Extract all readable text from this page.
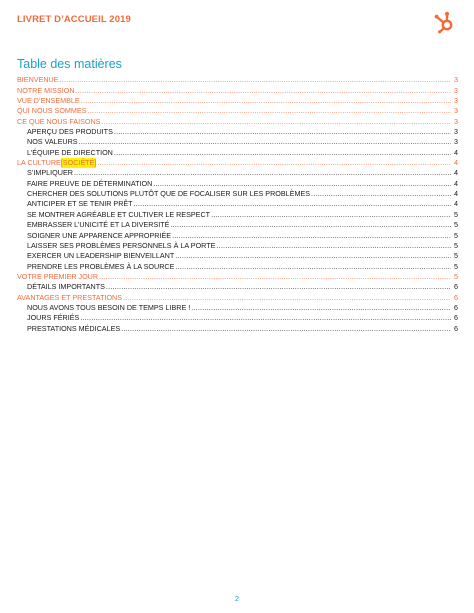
LIVRET D’ACCUEIL 2019
Table des matières
BIENVENUE .....	3
NOTRE MISSION .....	3
VUE D’ENSEMBLE .....	3
QUI NOUS SOMMES .....	3
CE QUE NOUS FAISONS .....	3
APERÇU DES PRODUITS .....	3
NOS VALEURS .....	3
L’ÉQUIPE DE DIRECTION .....	4
LA CULTURE [SOCIÉTÉ] .....	4
S’IMPLIQUER .....	4
FAIRE PREUVE DE DÉTERMINATION .....	4
CHERCHER DES SOLUTIONS PLUTÔT QUE DE FOCALISER SUR LES PROBLÈMES .....	4
ANTICIPER ET SE TENIR PRÊT .....	4
SE MONTRER AGRÉABLE ET CULTIVER LE RESPECT .....	5
EMBRASSER L’UNICITÉ ET LA DIVERSITÉ .....	5
SOIGNER UNE APPARENCE APPROPRIÉE .....	5
LAISSER SES PROBLÈMES PERSONNELS À LA PORTE .....	5
EXERCER UN LEADERSHIP BIENVEILLANT .....	5
PRENDRE LES PROBLÈMES À LA SOURCE .....	5
VOTRE PREMIER JOUR .....	5
DÉTAILS IMPORTANTS .....	6
AVANTAGES ET PRESTATIONS .....	6
NOUS AVONS TOUS BESOIN DE TEMPS LIBRE ! .....	6
JOURS FÉRIÉS .....	6
PRESTATIONS MÉDICALES .....	6
2
